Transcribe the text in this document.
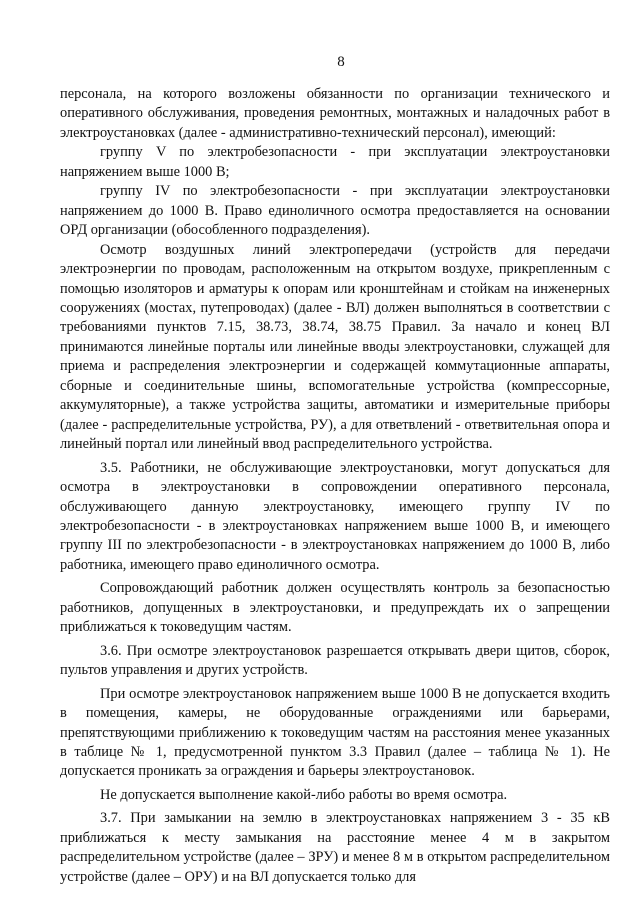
8

персонала, на которого возложены обязанности по организации технического и оперативного обслуживания, проведения ремонтных, монтажных и наладочных работ в электроустановках (далее - административно-технический персонал), имеющий:

группу V по электробезопасности - при эксплуатации электроустановки напряжением выше 1000 В;

группу IV по электробезопасности - при эксплуатации электроустановки напряжением до 1000 В. Право единоличного осмотра предоставляется на основании ОРД организации (обособленного подразделения).

Осмотр воздушных линий электропередачи (устройств для передачи электроэнергии по проводам, расположенным на открытом воздухе, прикрепленным с помощью изоляторов и арматуры к опорам или кронштейнам и стойкам на инженерных сооружениях (мостах, путепроводах) (далее - ВЛ) должен выполняться в соответствии с требованиями пунктов 7.15, 38.73, 38.74, 38.75 Правил. За начало и конец ВЛ принимаются линейные порталы или линейные вводы электроустановки, служащей для приема и распределения электроэнергии и содержащей коммутационные аппараты, сборные и соединительные шины, вспомогательные устройства (компрессорные, аккумуляторные), а также устройства защиты, автоматики и измерительные приборы (далее - распределительные устройства, РУ), а для ответвлений - ответвительная опора и линейный портал или линейный ввод распределительного устройства.

3.5. Работники, не обслуживающие электроустановки, могут допускаться для осмотра в электроустановки в сопровождении оперативного персонала, обслуживающего данную электроустановку, имеющего группу IV по электробезопасности - в электроустановках напряжением выше 1000 В, и имеющего группу III по электробезопасности - в электроустановках напряжением до 1000 В, либо работника, имеющего право единоличного осмотра.

Сопровождающий работник должен осуществлять контроль за безопасностью работников, допущенных в электроустановки, и предупреждать их о запрещении приближаться к токоведущим частям.

3.6. При осмотре электроустановок разрешается открывать двери щитов, сборок, пультов управления и других устройств.

При осмотре электроустановок напряжением выше 1000 В не допускается входить в помещения, камеры, не оборудованные ограждениями или барьерами, препятствующими приближению к токоведущим частям на расстояния менее указанных в таблице № 1, предусмотренной пунктом 3.3 Правил (далее – таблица № 1). Не допускается проникать за ограждения и барьеры электроустановок.

Не допускается выполнение какой-либо работы во время осмотра.

3.7. При замыкании на землю в электроустановках напряжением 3 - 35 кВ приближаться к месту замыкания на расстояние менее 4 м в закрытом распределительном устройстве (далее – ЗРУ) и менее 8 м в открытом распределительном устройстве (далее – ОРУ) и на ВЛ допускается только для
